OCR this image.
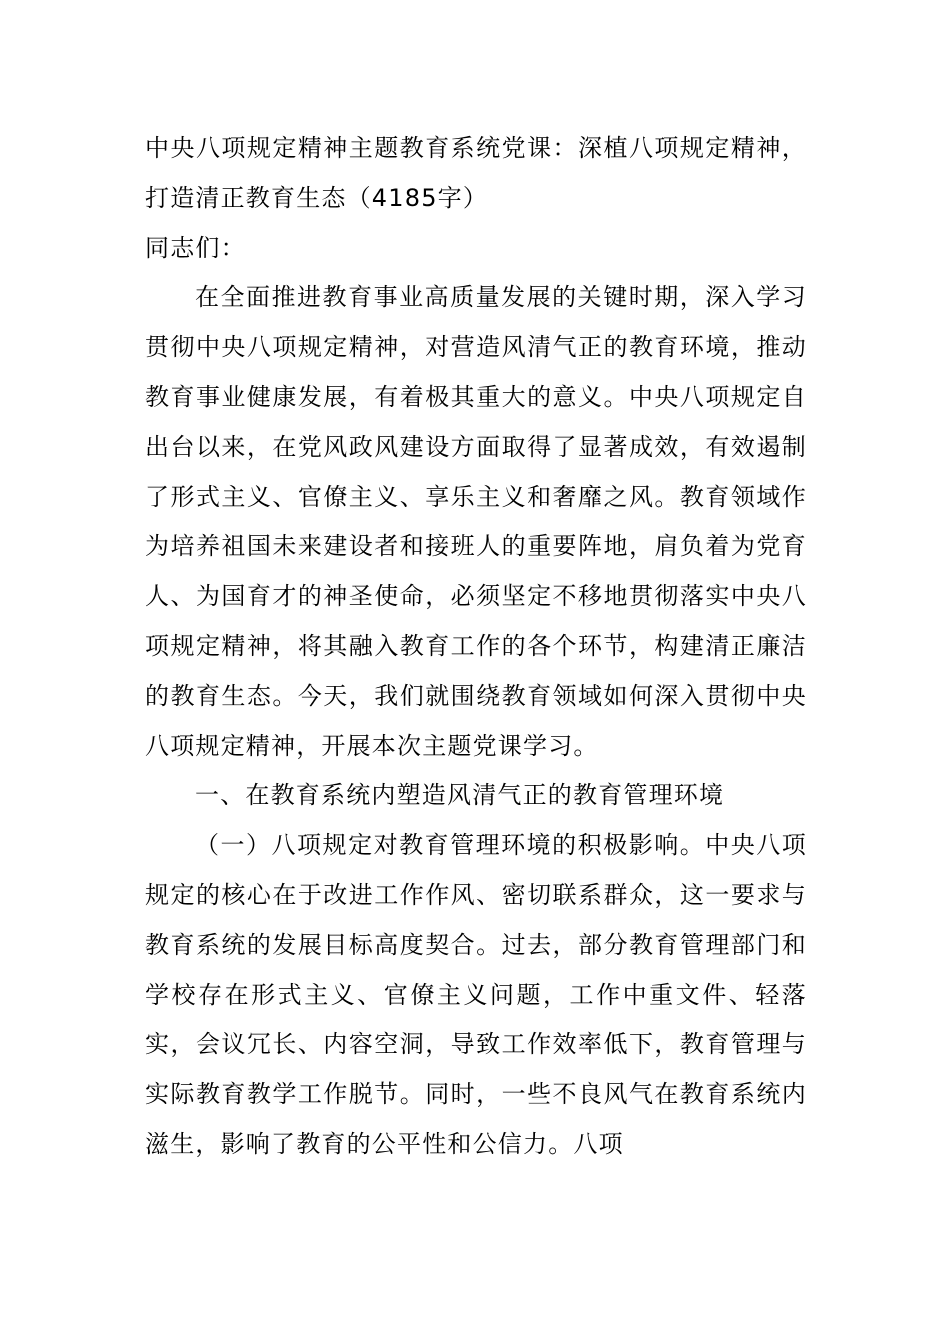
中央八项规定精神主题教育系统党课：深植八项规定精神，打造清正教育生态（4185字）

同志们：

在全面推进教育事业高质量发展的关键时期，深入学习贯彻中央八项规定精神，对营造风清气正的教育环境，推动教育事业健康发展，有着极其重大的意义。中央八项规定自出台以来，在党风政风建设方面取得了显著成效，有效遏制了形式主义、官僚主义、享乐主义和奢靡之风。教育领域作为培养祖国未来建设者和接班人的重要阵地，肩负着为党育人、为国育才的神圣使命，必须坚定不移地贯彻落实中央八项规定精神，将其融入教育工作的各个环节，构建清正廉洁的教育生态。今天，我们就围绕教育领域如何深入贯彻中央八项规定精神，开展本次主题党课学习。

一、在教育系统内塑造风清气正的教育管理环境

（一）八项规定对教育管理环境的积极影响。中央八项规定的核心在于改进工作作风、密切联系群众，这一要求与教育系统的发展目标高度契合。过去，部分教育管理部门和学校存在形式主义、官僚主义问题，工作中重文件、轻落实，会议冗长、内容空洞，导致工作效率低下，教育管理与实际教育教学工作脱节。同时，一些不良风气在教育系统内滋生，影响了教育的公平性和公信力。八项
